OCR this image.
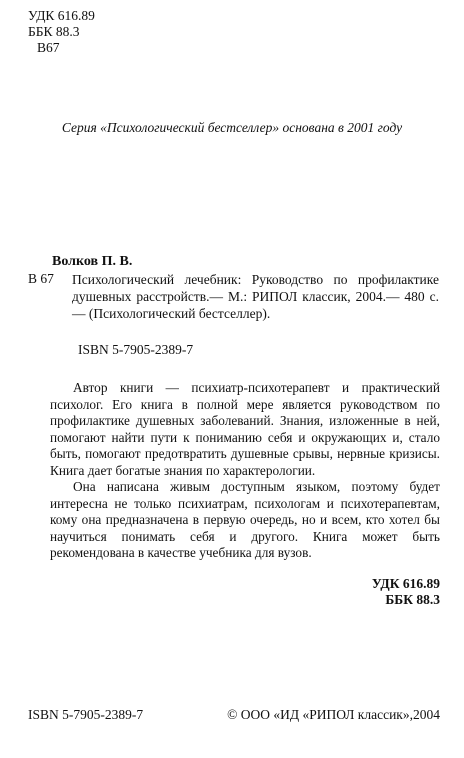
УДК 616.89
ББК 88.3
В67
Серия «Психологический бестселлер» основана в 2001 году
Волков П. В.
В 67 Психологический лечебник: Руководство по профилактике душевных расстройств.— М.: РИПОЛ классик, 2004.— 480 с.— (Психологический бестселлер).
ISBN 5-7905-2389-7

Автор книги — психиатр-психотерапевт и практический психолог. Его книга в полной мере является руководством по профилактике душевных заболеваний. Знания, изложенные в ней, помогают найти пути к пониманию себя и окружающих и, стало быть, помогают предотвратить душевные срывы, нервные кризисы. Книга дает богатые знания по характерологии.

Она написана живым доступным языком, поэтому будет интересна не только психиатрам, психологам и психотерапевтам, кому она предназначена в первую очередь, но и всем, кто хотел бы научиться понимать себя и другого. Книга может быть рекомендована в качестве учебника для вузов.

УДК 616.89
ББК 88.3
ISBN 5-7905-2389-7	© ООО «ИД «РИПОЛ классик»,2004
